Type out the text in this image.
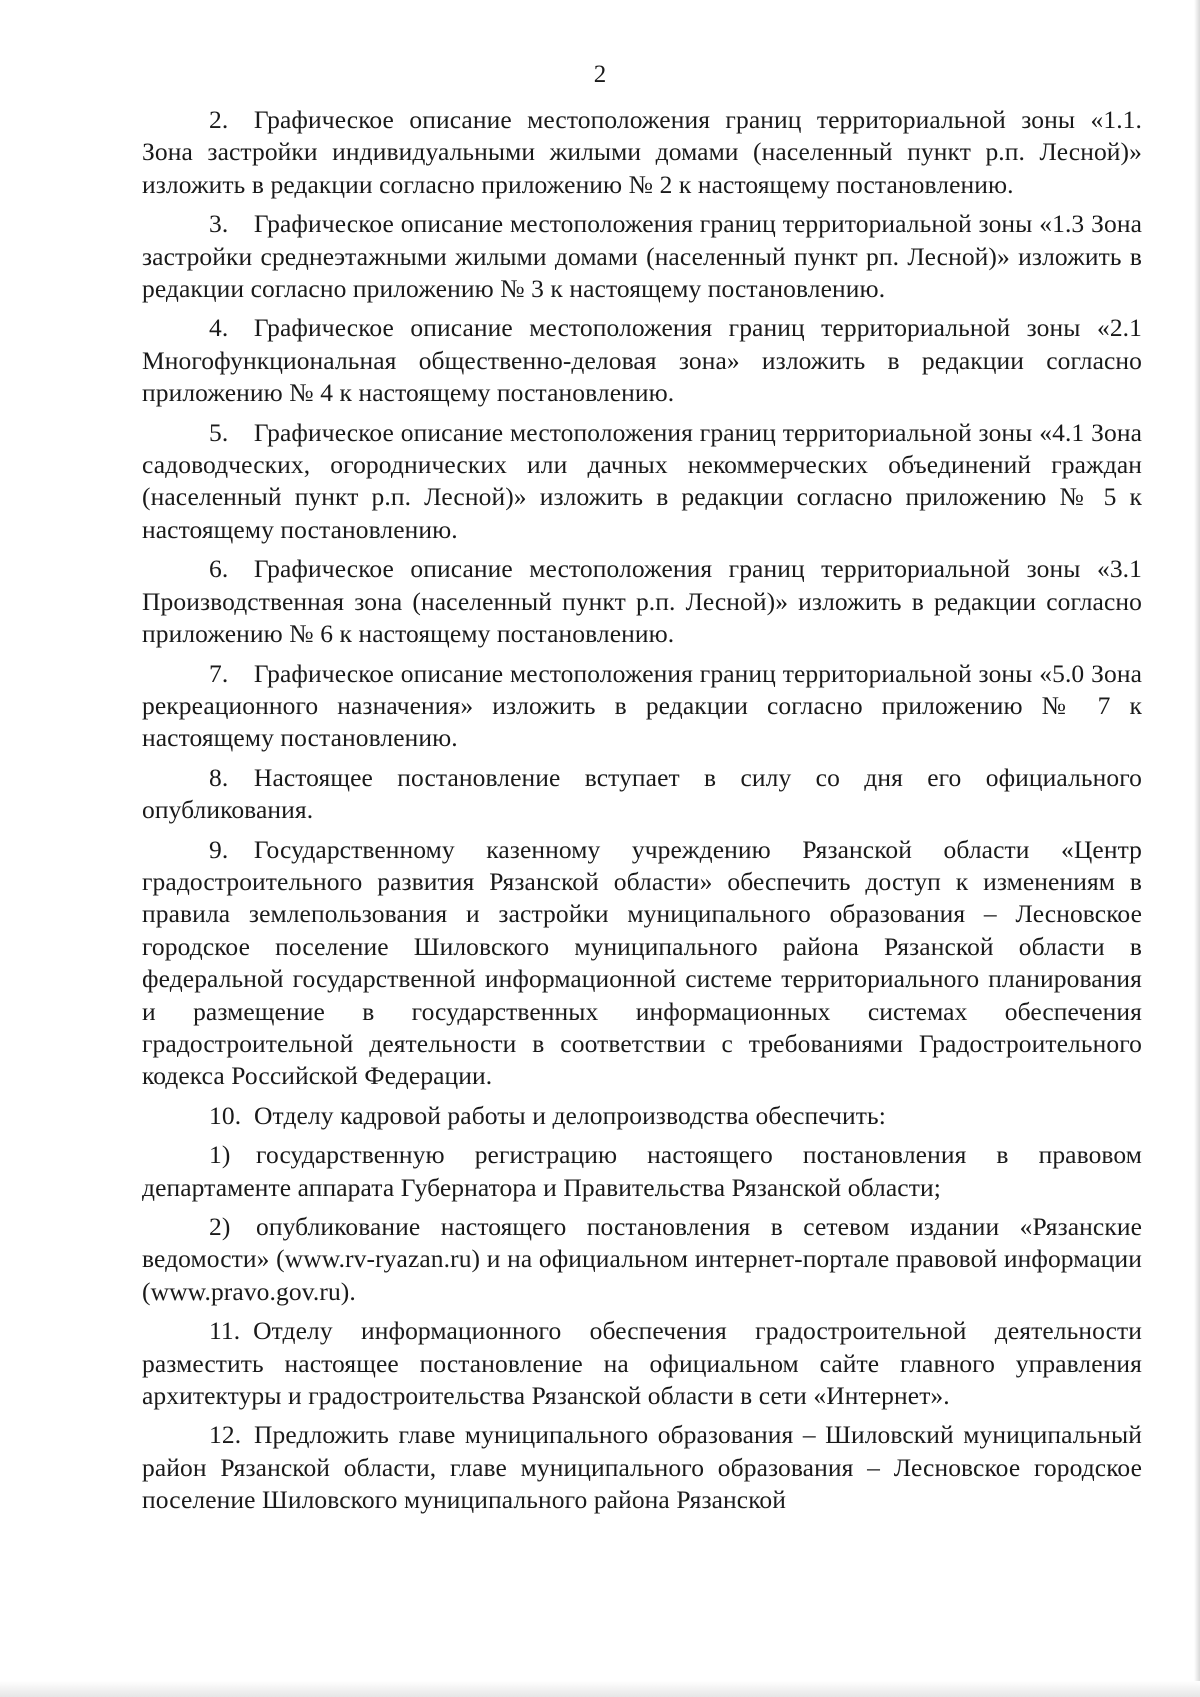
2

2. Графическое описание местоположения границ территориальной зоны «1.1. Зона застройки индивидуальными жилыми домами (населенный пункт р.п. Лесной)» изложить в редакции согласно приложению № 2 к настоящему постановлению.

3. Графическое описание местоположения границ территориальной зоны «1.3 Зона застройки среднеэтажными жилыми домами (населенный пункт рп. Лесной)» изложить в редакции согласно приложению № 3 к настоящему постановлению.

4. Графическое описание местоположения границ территориальной зоны «2.1 Многофункциональная общественно-деловая зона» изложить в редакции согласно приложению № 4 к настоящему постановлению.

5. Графическое описание местоположения границ территориальной зоны «4.1 Зона садоводческих, огороднических или дачных некоммерческих объединений граждан (населенный пункт р.п. Лесной)» изложить в редакции согласно приложению № 5 к настоящему постановлению.

6. Графическое описание местоположения границ территориальной зоны «3.1 Производственная зона (населенный пункт р.п. Лесной)» изложить в редакции согласно приложению № 6 к настоящему постановлению.

7. Графическое описание местоположения границ территориальной зоны «5.0 Зона рекреационного назначения» изложить в редакции согласно приложению № 7 к настоящему постановлению.

8. Настоящее постановление вступает в силу со дня его официального опубликования.

9. Государственному казенному учреждению Рязанской области «Центр градостроительного развития Рязанской области» обеспечить доступ к изменениям в правила землепользования и застройки муниципального образования – Лесновское городское поселение Шиловского муниципального района Рязанской области в федеральной государственной информационной системе территориального планирования и размещение в государственных информационных системах обеспечения градостроительной деятельности в соответствии с требованиями Градостроительного кодекса Российской Федерации.

10. Отделу кадровой работы и делопроизводства обеспечить:

1) государственную регистрацию настоящего постановления в правовом департаменте аппарата Губернатора и Правительства Рязанской области;

2) опубликование настоящего постановления в сетевом издании «Рязанские ведомости» (www.rv-ryazan.ru) и на официальном интернет-портале правовой информации (www.pravo.gov.ru).

11. Отделу информационного обеспечения градостроительной деятельности разместить настоящее постановление на официальном сайте главного управления архитектуры и градостроительства Рязанской области в сети «Интернет».

12. Предложить главе муниципального образования – Шиловский муниципальный район Рязанской области, главе муниципального образования – Лесновское городское поселение Шиловского муниципального района Рязанской
